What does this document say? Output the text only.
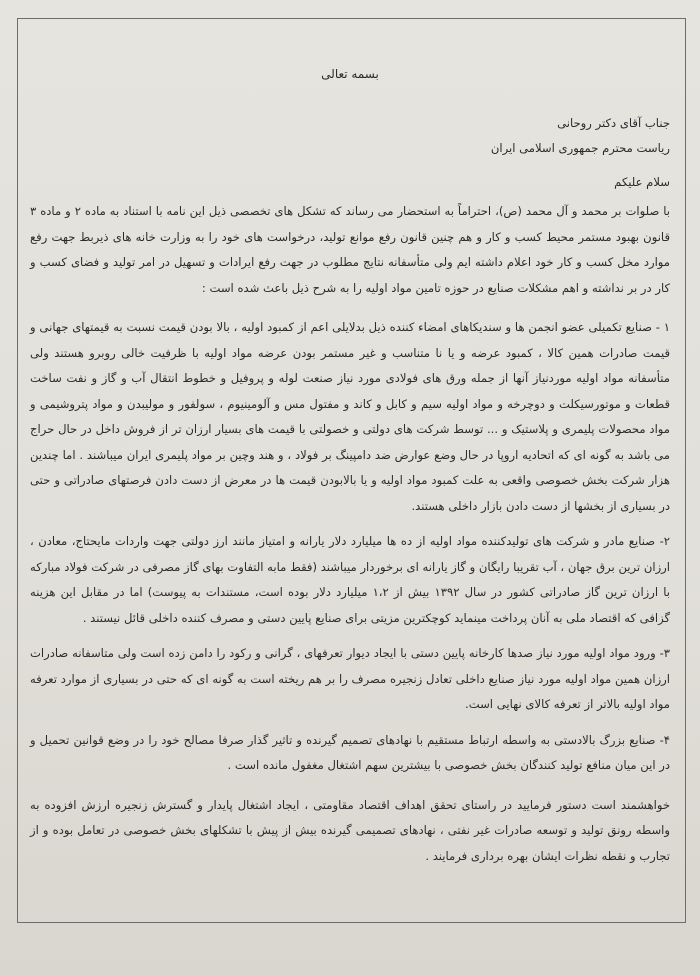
بسمه تعالی
جناب آقای دکتر روحانی
ریاست محترم جمهوری اسلامی ایران
سلام علیکم

با صلوات بر محمد و آل محمد (ص)، احتراماً به استحضار می رساند که تشکل های تخصصی ذیل این نامه با استناد به ماده ۲ و ماده ۳ قانون بهبود مستمر محیط کسب و کار و هم چنین قانون رفع موانع تولید، درخواست های خود را به وزارت خانه های ذیربط جهت رفع موارد مخل کسب و کار خود اعلام داشته ایم ولی متأسفانه نتایج مطلوب در جهت رفع ایرادات و تسهیل در امر تولید و فضای کسب و کار در بر نداشته و اهم مشکلات صنایع در حوزه تامین مواد اولیه را به شرح ذیل باعث شده است :

۱ - صنایع تکمیلی عضو انجمن ها و سندیکاهای امضاء کننده ذیل بدلایلی اعم از کمبود اولیه ، بالا بودن قیمت نسبت به قیمتهای جهانی و قیمت صادرات همین کالا ، کمبود عرضه و یا نا متناسب و غیر مستمر بودن عرضه مواد اولیه با ظرفیت خالی روبرو هستند ولی متأسفانه مواد اولیه موردنیاز آنها از جمله ورق های فولادی مورد نیاز صنعت لوله و پروفیل و خطوط انتقال آب و گاز و نفت ساخت قطعات و موتورسیکلت و دوچرخه و مواد اولیه سیم و کابل و کاند و مفتول مس و آلومینیوم ، سولفور و مولیبدن و مواد پتروشیمی و مواد محصولات پلیمری و پلاستیک و ... توسط شرکت های دولتی و خصولتی با قیمت های بسیار ارزان تر از فروش داخل در حال حراج می باشد به گونه ای که اتحادیه اروپا در حال وضع عوارض ضد دامپینگ بر فولاد ، و هند وچین بر مواد پلیمری ایران میباشند . اما چندین هزار شرکت بخش خصوصی واقعی به علت کمبود مواد اولیه و یا بالابودن قیمت ها در معرض از دست دادن فرصتهای صادراتی و حتی در بسیاری از بخشها از دست دادن بازار داخلی هستند.

۲- صنایع مادر و شرکت های تولیدکننده مواد اولیه از ده ها میلیارد دلار یارانه و امتیاز مانند ارز دولتی جهت واردات مایحتاج، معادن ، ارزان ترین برق جهان ، آب تقریبا رایگان و گاز یارانه ای برخوردار میباشند (فقط مابه التفاوت بهای گاز مصرفی در شرکت فولاد مبارکه با ارزان ترین گاز صادراتی کشور در سال ۱۳۹۲ بیش از ۱،۲ میلیارد دلار بوده است، مستندات به پیوست) اما در مقابل این هزینه گزافی که اقتصاد ملی به آنان پرداخت مینماید کوچکترین مزیتی برای صنایع پایین دستی و مصرف کننده داخلی قائل نیستند .

۳- ورود مواد اولیه مورد نیاز صدها کارخانه پایین دستی با ایجاد دیوار تعرفهای ، گرانی و رکود را دامن زده است ولی متاسفانه صادرات ارزان همین مواد اولیه مورد نیاز صنایع داخلی تعادل زنجیره مصرف را بر هم ریخته است به گونه ای که حتی در بسیاری از موارد تعرفه مواد اولیه بالاتر از تعرفه کالای نهایی است.

۴- صنایع بزرگ بالادستی به واسطه ارتباط مستقیم با نهادهای تصمیم گیرنده و تاثیر گذار صرفا مصالح خود را در وضع قوانین تحمیل و در این میان منافع تولید کنندگان بخش خصوصی با بیشترین سهم اشتغال مغفول مانده است .

خواهشمند است دستور فرمایید در راستای تحقق اهداف اقتصاد مقاومتی ، ایجاد اشتغال پایدار و گسترش زنجیره ارزش افزوده به واسطه رونق تولید و توسعه صادرات غیر نفتی ، نهادهای تصمیمی گیرنده بیش از پیش با تشکلهای بخش خصوصی در تعامل بوده و از تجارب و نقطه نظرات ایشان بهره برداری فرمایند .
